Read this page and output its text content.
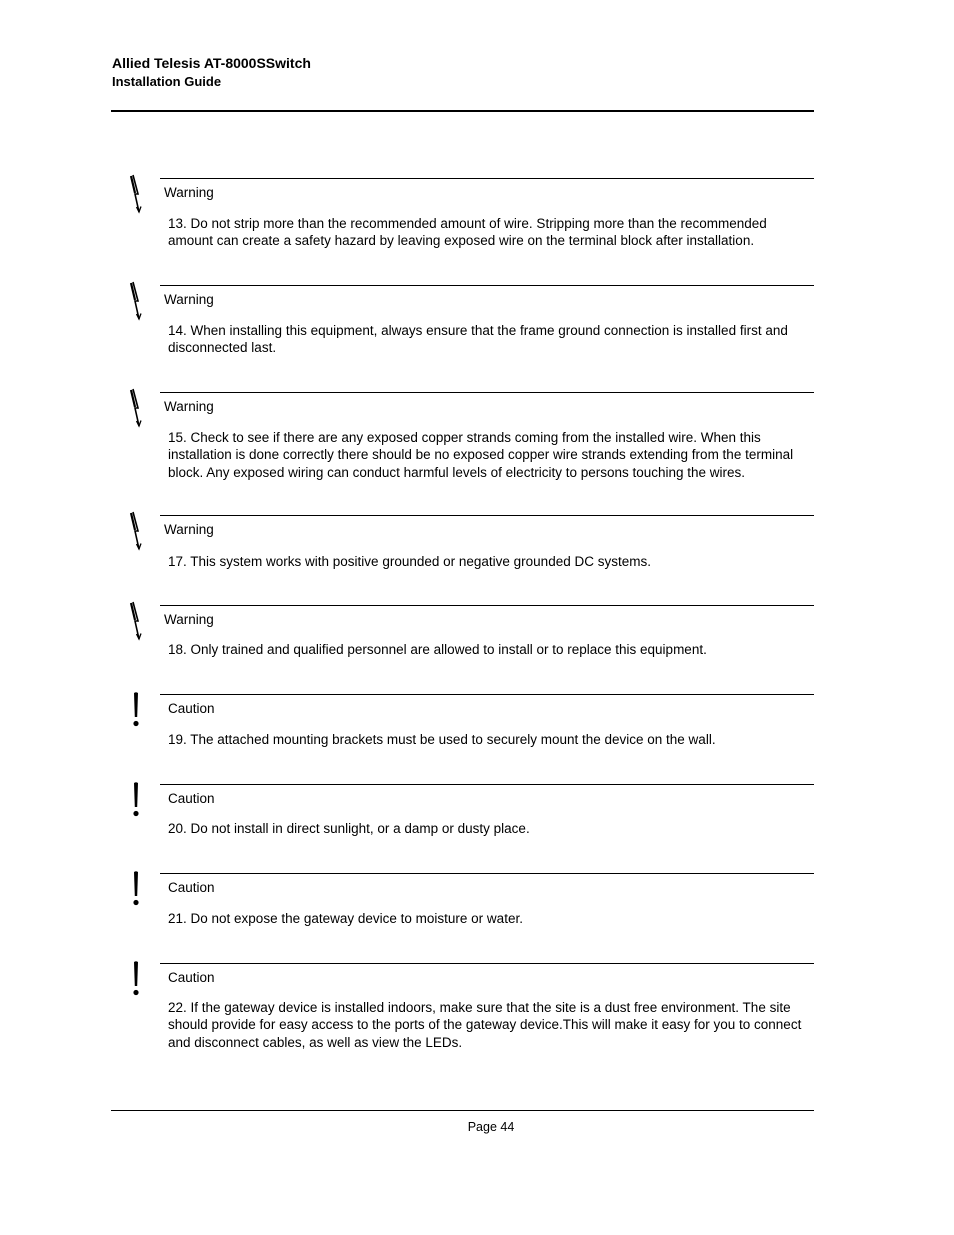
Allied Telesis AT-8000SSwitch
Installation Guide
Warning
13. Do not strip more than the recommended amount of wire. Stripping more than the recommended amount can create a safety hazard by leaving exposed wire on the terminal block after installation.
Warning
14. When installing this equipment, always ensure that the frame ground connection is installed first and disconnected last.
Warning
15. Check to see if there are any exposed copper strands coming from the installed wire. When this installation is done correctly there should be no exposed copper wire strands extending from the terminal block. Any exposed wiring can conduct harmful levels of electricity to persons touching the wires.
Warning
17. This system works with positive grounded or negative grounded DC systems.
Warning
18. Only trained and qualified personnel are allowed to install or to replace this equipment.
Caution
19. The attached mounting brackets must be used to securely mount the device on the wall.
Caution
20. Do not install in direct sunlight, or a damp or dusty place.
Caution
21. Do not expose the gateway device to moisture or water.
Caution
22. If the gateway device is installed indoors, make sure that the site is a dust free environment. The site should provide for easy access to the ports of the gateway device.This will make it easy for you to connect and disconnect cables, as well as view the LEDs.
Page 44
